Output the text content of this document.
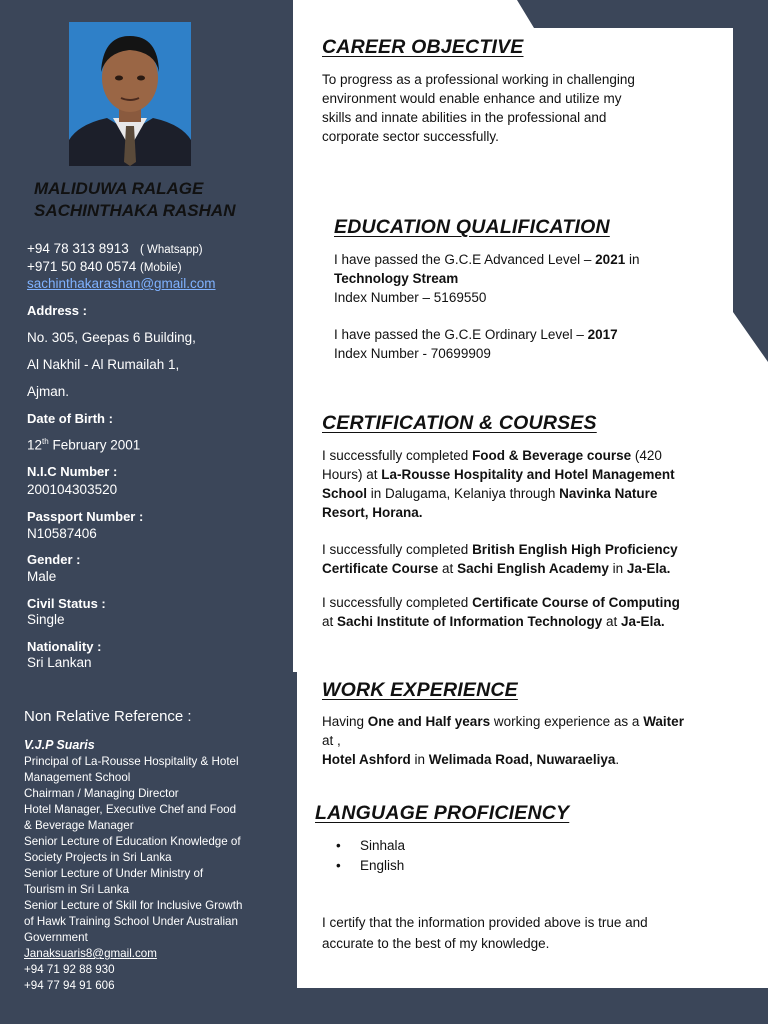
MALIDUWA RALAGE
SACHINTHAKA RASHAN
+94 78 313 8913 ( Whatsapp)
+971 50 840 0574 (Mobile)
sachinthakarashan@gmail.com
Address :
No. 305, Geepas 6 Building,
Al Nakhil - Al Rumailah 1,
Ajman.
Date of Birth :
12th February 2001
N.I.C Number :
200104303520
Passport Number :
N10587406
Gender :
Male
Civil Status :
Single
Nationality :
Sri Lankan
Non Relative Reference :
V.J.P Suaris
Principal of La-Rousse Hospitality & Hotel
Management School
Chairman / Managing Director
Hotel Manager, Executive Chef and Food
& Beverage Manager
Senior Lecture of Education Knowledge of
Society Projects in Sri Lanka
Senior Lecture of Under Ministry of
Tourism in Sri Lanka
Senior Lecture of Skill for Inclusive Growth
of Hawk Training School Under Australian
Government
Janaksuaris8@gmail.com
+94 71 92 88 930
+94 77 94 91 606
CAREER OBJECTIVE
To progress as a professional working in challenging
environment would enable enhance and utilize my
skills and innate abilities in the professional and
corporate sector successfully.
EDUCATION QUALIFICATION
I have passed the G.C.E Advanced Level – 2021 in
Technology Stream
Index Number – 5169550
I have passed the G.C.E Ordinary Level – 2017
Index Number - 70699909
CERTIFICATION & COURSES
I successfully completed Food & Beverage course (420
Hours) at La-Rousse Hospitality and Hotel Management
School in Dalugama, Kelaniya through Navinka Nature
Resort, Horana.
I successfully completed British English High Proficiency
Certificate Course at Sachi English Academy in Ja-Ela.
I successfully completed Certificate Course of Computing
at Sachi Institute of Information Technology at Ja-Ela.
WORK EXPERIENCE
Having One and Half years working experience as a Waiter
at ,
Hotel Ashford in Welimada Road, Nuwaraeliya.
LANGUAGE PROFICIENCY
• Sinhala
• English
I certify that the information provided above is true and
accurate to the best of my knowledge.
